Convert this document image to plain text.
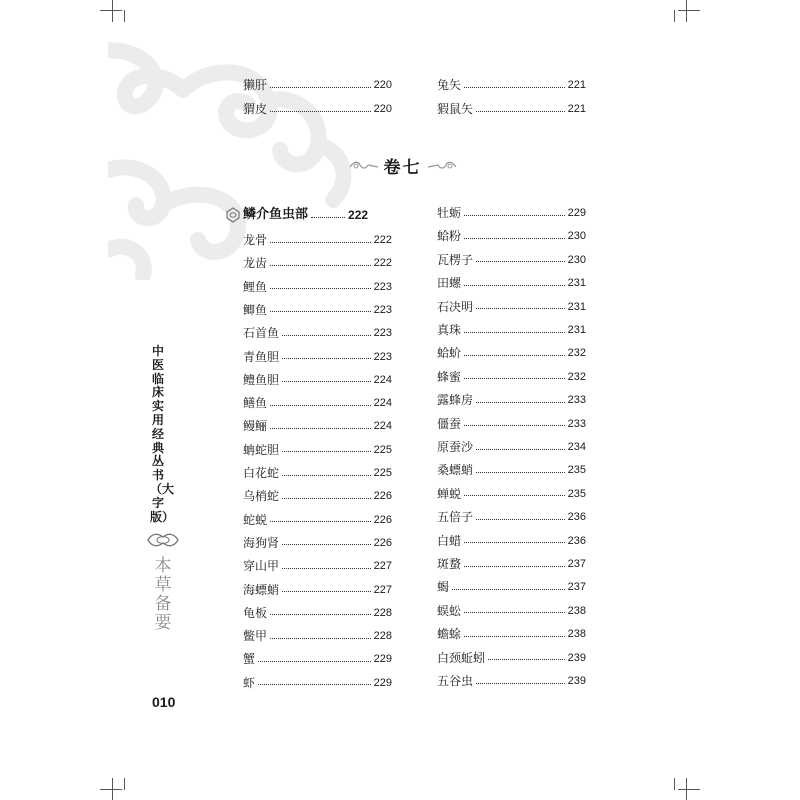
獭肝	220
猬皮	220
兔矢	221
猳鼠矢	221
卷七
鳞介鱼虫部	222
龙骨	222
龙齿	222
鲤鱼	223
鲫鱼	223
石首鱼	223
青鱼胆	223
鳢鱼胆	224
鳝鱼	224
鳗鲡	224
蚺蛇胆	225
白花蛇	225
乌梢蛇	226
蛇蜕	226
海狗肾	226
穿山甲	227
海螵蛸	227
龟板	228
鳖甲	228
蟹	229
虾	229
牡蛎	229
蛤粉	230
瓦楞子	230
田螺	231
石决明	231
真珠	231
蛤蚧	232
蜂蜜	232
露蜂房	233
僵蚕	233
原蚕沙	234
桑螵蛸	235
蝉蜕	235
五倍子	236
白蜡	236
斑蝥	237
蝎	237
蜈蚣	238
蟾蜍	238
白颈蚯蚓	239
五谷虫	239
中医临床实用经典丛书（大字版）
本草备要
010
